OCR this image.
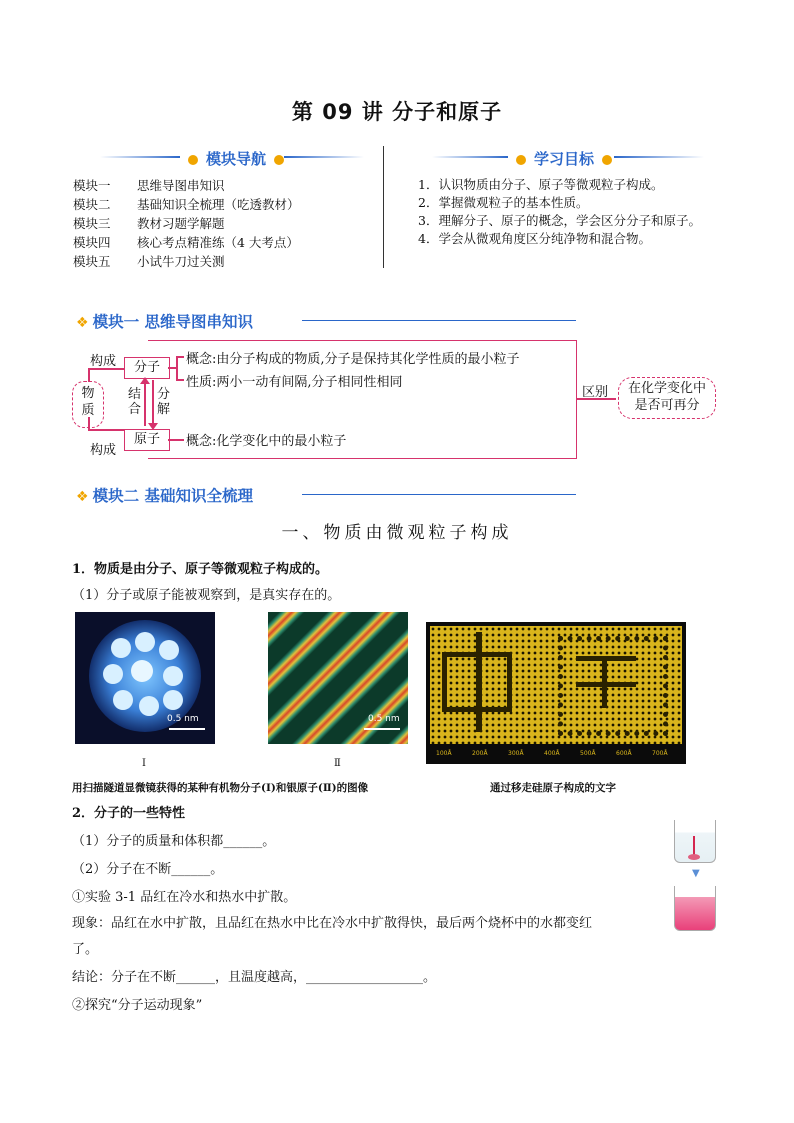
第 09 讲 分子和原子
模块导航
模块一 思维导图串知识
模块二 基础知识全梳理（吃透教材）
模块三 教材习题学解题
模块四 核心考点精准练（4 大考点）
模块五 小试牛刀过关测
学习目标
1．认识物质由分子、原子等微观粒子构成。
2．掌握微观粒子的基本性质。
3．理解分子、原子的概念，学会区分分子和原子。
4．学会从微观角度区分纯净物和混合物。
❖ 模块一 思维导图串知识
构成
构成
物
质
分子
原子
结
合
分
解
概念:由分子构成的物质,分子是保持其化学性质的最小粒子
性质:两小一动有间隔,分子相同性相同
概念:化学变化中的最小粒子
区别	在化学变化中
是否可再分
❖ 模块二 基础知识全梳理
一、物质由微观粒子构成
1．物质是由分子、原子等微观粒子构成的。
（1）分子或原子能被观察到，是真实存在的。
0.5 nm
Ⅰ
0.5 nm
Ⅱ
100Å	200Å	300Å	400Å	500Å	600Å	700Å
用扫描隧道显微镜获得的某种有机物分子(Ⅰ)和银原子(Ⅱ)的图像	通过移走硅原子构成的文字
2．分子的一些特性
（1）分子的质量和体积都______。
（2）分子在不断______。
①实验 3-1 品红在冷水和热水中扩散。
现象：品红在水中扩散，且品红在热水中比在冷水中扩散得快，最后两个烧杯中的水都变红
了。
结论：分子在不断______，且温度越高，__________________。
②探究“分子运动现象”
▼
